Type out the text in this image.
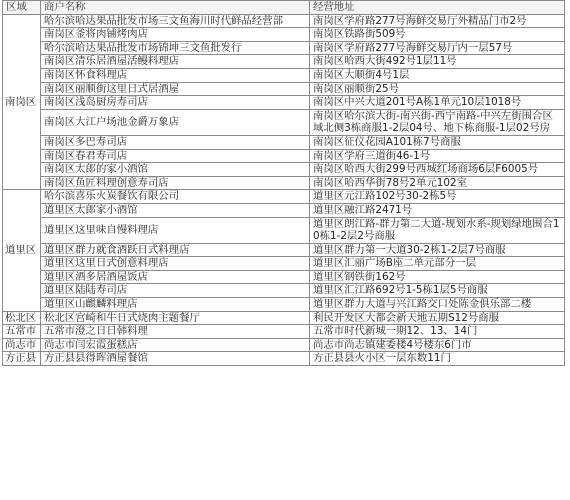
区域	商户名称	经营地址
南岗区	哈尔滨哈达果品批发市场三文鱼海川时代鲜品经营部	南岗区学府路277号海鲜交易厅外精品门市2号
	南岗区釜将肉铺烤肉店	南岗区铁路街509号
	哈尔滨哈达果品批发市场锦坤三文鱼批发行	南岗区学府路277号海鲜交易厅内一层57号
	南岗区清乐居酒屋活鳗料理店	南岗区哈西大街492号1层11号
	南岗区怀食料理店	南岗区大顺街4号1层
	南岗区丽顺街这里日式居酒屋	南岗区丽顺街25号
	南岗区浅岛厨房寿司店	南岗区中兴大道201号A栋1单元10层1018号
	南岗区大江户场池金爵万象店	南岗区哈尔滨大街-南兴街-西宁南路-中兴左街围合区域北侧3栋商服1-2层04号、地下栋商服-1层02号房
	南岗区多巴寿司店	南岗区征仪花园A101栋7号商服
	南岗区春君寿司店	南岗区学府三道街46-1号
	南岗区太郎的家小酒馆	南岗区哈西大街299号西城红场商场6层F6005号
	南岗区鱼匠料理创意寿司店	南岗区哈西华街78号2单元102室
道里区	哈尔滨喜乐火炭餐饮有限公司	道里区元江路102号30-2栋5号
	道里区太郎家小酒馆	道里区融江路2471号
	道里区这里味自慢料理店	道里区朗江路-群力第二大道-规划水系-规划绿地围合10栋1-2层2号商服
	道里区群力就食酒跃日式料理店	道里区群力第一大道30-2栋1-2层7号商服
	道里区这里日式创意料理店	道里区汇丽广场B座二单元部分一层
	道里区酒多居酒屋饭店	道里区钢铁街162号
	道里区陆陆寿司店	道里区汇江路692号1-5栋1层5号商服
	道里区山麒麟料理店	道里区群力大道与兴江路交口处陈金俱乐部二楼
松北区	松北区宫崎和牛日式烧肉主题餐厅	利民开发区大都会新天地五期S12号商服
五常市	五常市澄之日日韩料理	五常市时代新城一期12、13、14门
尚志市	尚志市闫宏霞蛋糕店	尚志市尚志镇建委楼4号楼东6门市
方正县	方正县县得晖酒屋餐馆	方正县县火小区一层东数11门
